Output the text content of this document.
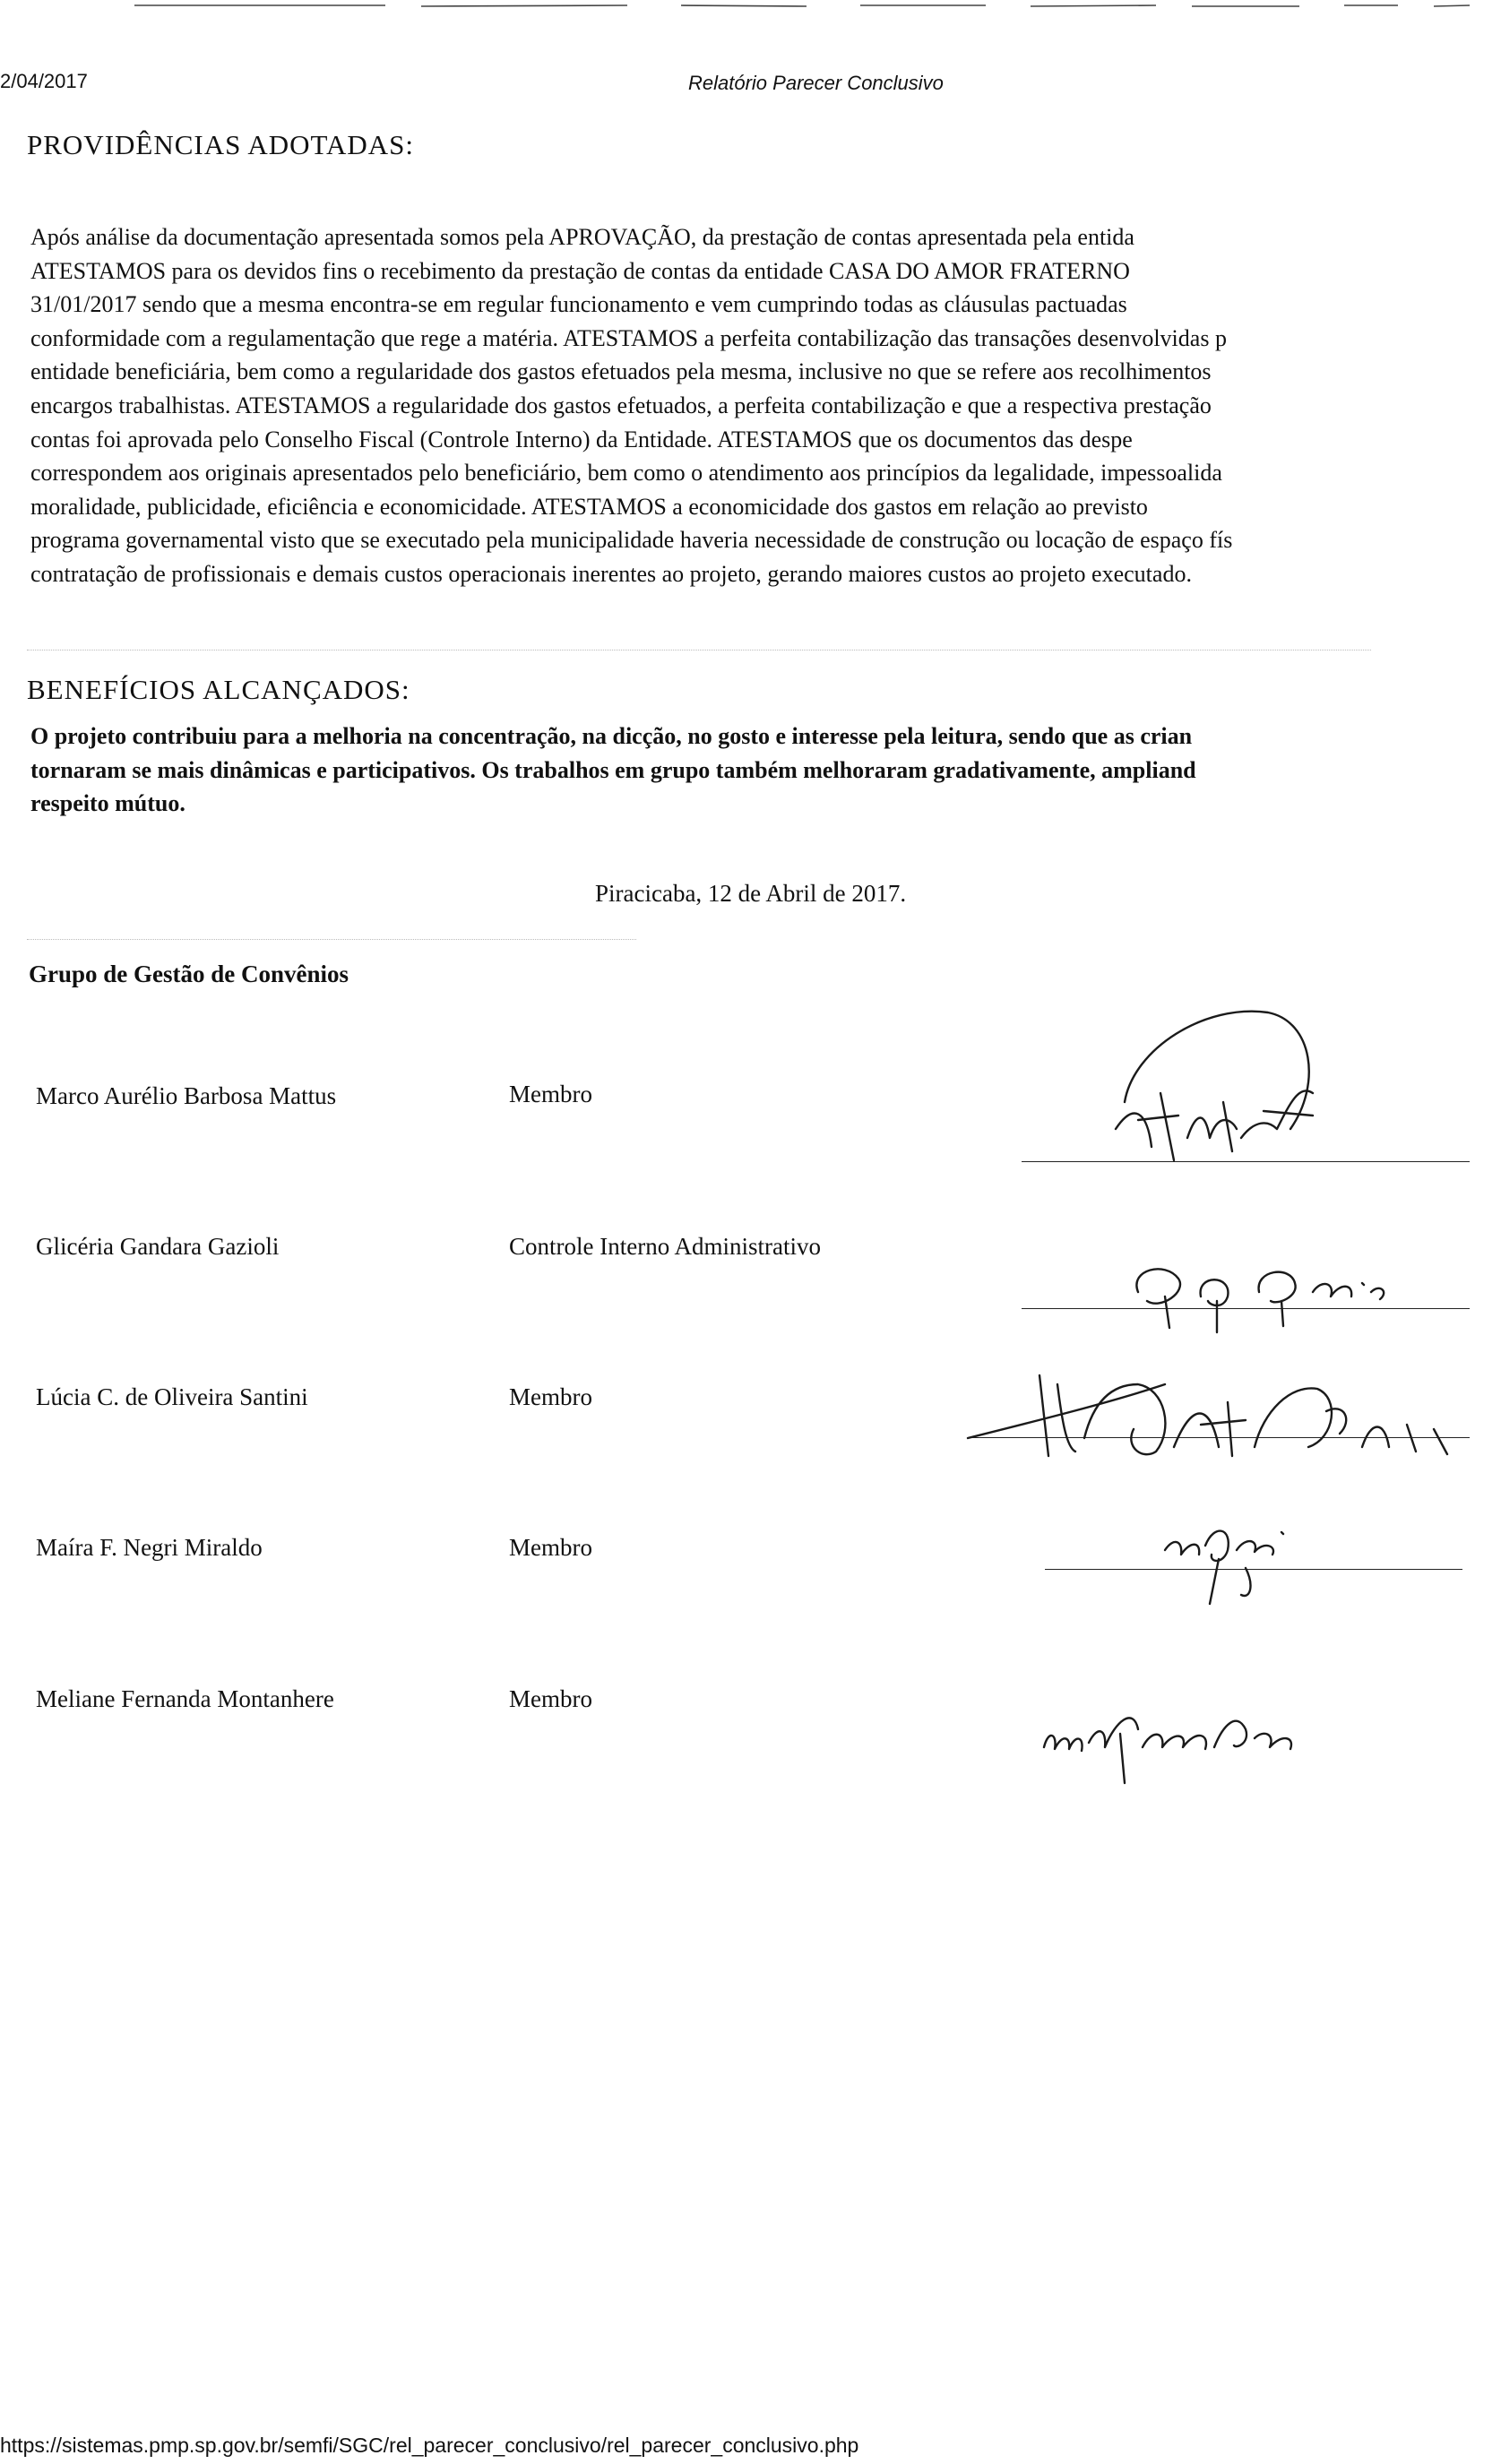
2/04/2017	Relatório Parecer Conclusivo
PROVIDÊNCIAS ADOTADAS:
Após análise da documentação apresentada somos pela APROVAÇÃO, da prestação de contas apresentada pela entida
ATESTAMOS para os devidos fins o recebimento da prestação de contas da entidade CASA DO AMOR FRATERNO
31/01/2017 sendo que a mesma encontra-se em regular funcionamento e vem cumprindo todas as cláusulas pactuadas
conformidade com a regulamentação que rege a matéria. ATESTAMOS a perfeita contabilização das transações desenvolvidas p
entidade beneficiária, bem como a regularidade dos gastos efetuados pela mesma, inclusive no que se refere aos recolhimentos
encargos trabalhistas. ATESTAMOS a regularidade dos gastos efetuados, a perfeita contabilização e que a respectiva prestação
contas foi aprovada pelo Conselho Fiscal (Controle Interno) da Entidade. ATESTAMOS que os documentos das despe
correspondem aos originais apresentados pelo beneficiário, bem como o atendimento aos princípios da legalidade, impessoalida
moralidade, publicidade, eficiência e economicidade. ATESTAMOS a economicidade dos gastos em relação ao previsto
programa governamental visto que se executado pela municipalidade haveria necessidade de construção ou locação de espaço fís
contratação de profissionais e demais custos operacionais inerentes ao projeto, gerando maiores custos ao projeto executado.
BENEFÍCIOS ALCANÇADOS:
O projeto contribuiu para a melhoria na concentração, na dicção, no gosto e interesse pela leitura, sendo que as crian
tornaram se mais dinâmicas e participativos. Os trabalhos em grupo também melhoraram gradativamente, ampliand
respeito mútuo.
Piracicaba, 12 de Abril de 2017.
Grupo de Gestão de Convênios
Marco Aurélio Barbosa Mattus	Membro
Glicéria Gandara Gazioli	Controle Interno Administrativo
Lúcia C. de Oliveira Santini	Membro
Maíra F. Negri Miraldo	Membro
Meliane Fernanda Montanhere	Membro
https://sistemas.pmp.sp.gov.br/semfi/SGC/rel_parecer_conclusivo/rel_parecer_conclusivo.php
